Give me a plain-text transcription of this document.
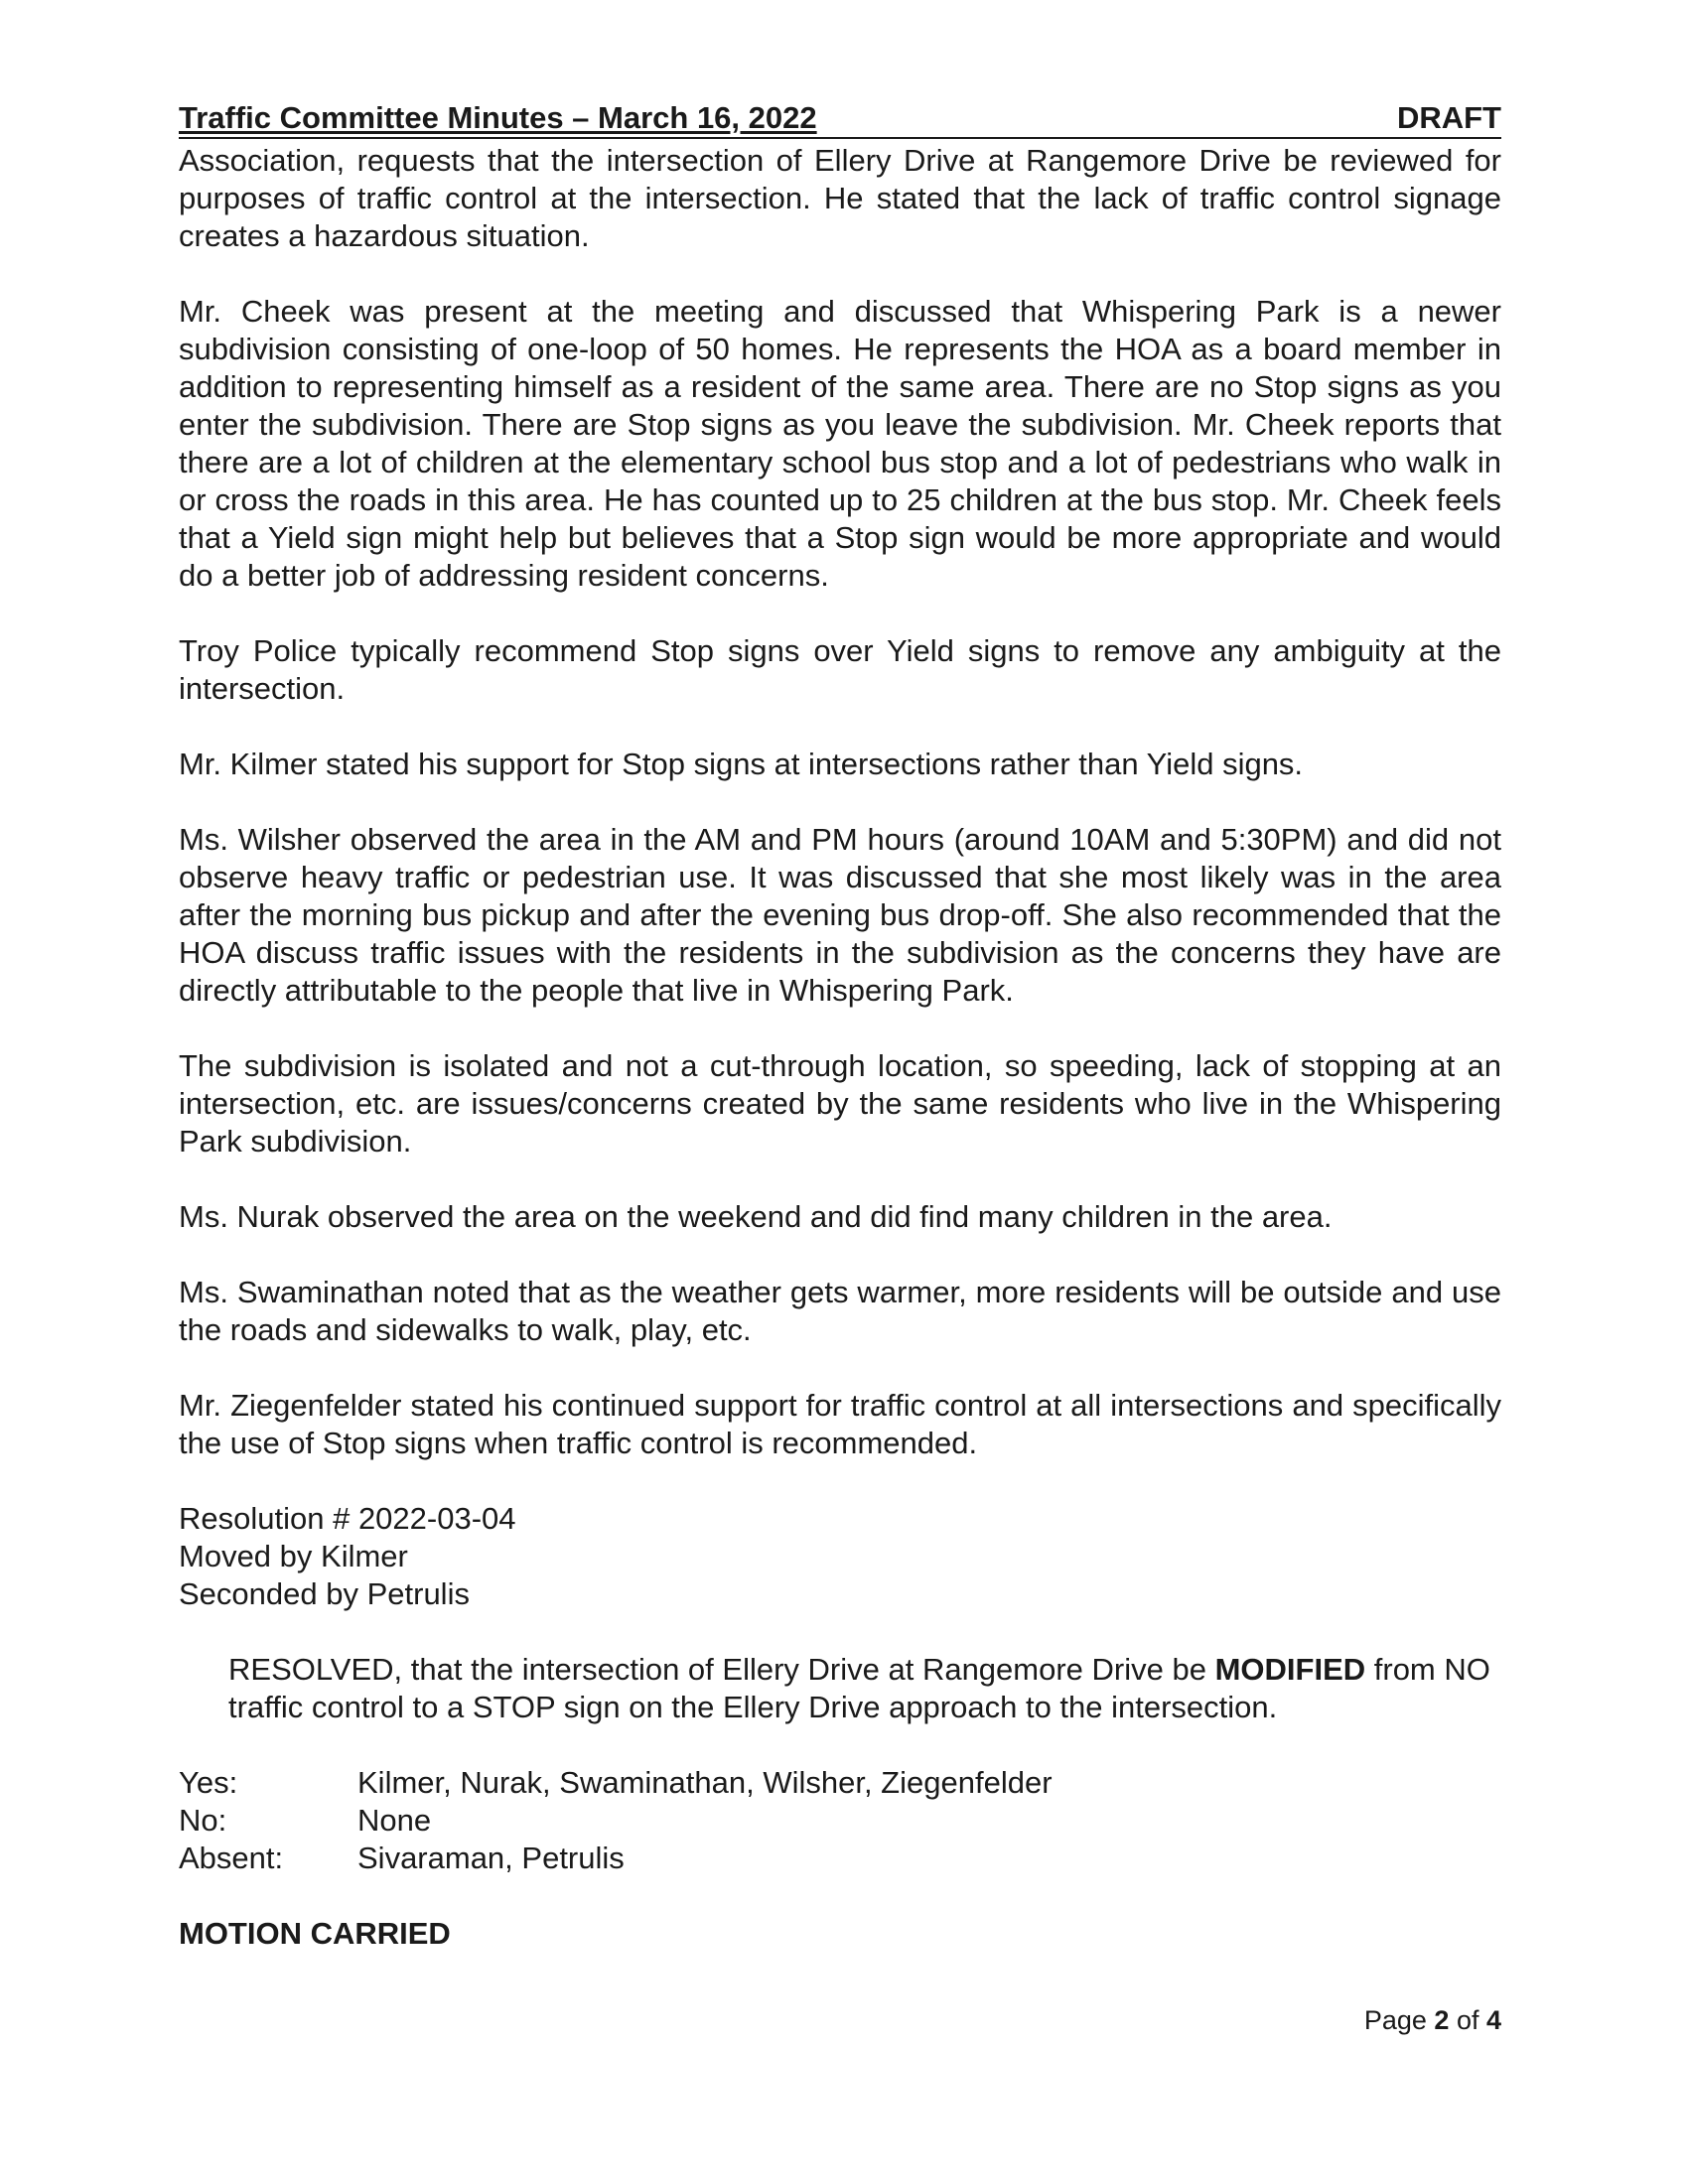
Traffic Committee Minutes – March 16, 2022	DRAFT

Association, requests that the intersection of Ellery Drive at Rangemore Drive be reviewed for purposes of traffic control at the intersection. He stated that the lack of traffic control signage creates a hazardous situation.

Mr. Cheek was present at the meeting and discussed that Whispering Park is a newer subdivision consisting of one-loop of 50 homes. He represents the HOA as a board member in addition to representing himself as a resident of the same area. There are no Stop signs as you enter the subdivision. There are Stop signs as you leave the subdivision. Mr. Cheek reports that there are a lot of children at the elementary school bus stop and a lot of pedestrians who walk in or cross the roads in this area. He has counted up to 25 children at the bus stop. Mr. Cheek feels that a Yield sign might help but believes that a Stop sign would be more appropriate and would do a better job of addressing resident concerns.

Troy Police typically recommend Stop signs over Yield signs to remove any ambiguity at the intersection.

Mr. Kilmer stated his support for Stop signs at intersections rather than Yield signs.

Ms. Wilsher observed the area in the AM and PM hours (around 10AM and 5:30PM) and did not observe heavy traffic or pedestrian use. It was discussed that she most likely was in the area after the morning bus pickup and after the evening bus drop-off. She also recommended that the HOA discuss traffic issues with the residents in the subdivision as the concerns they have are directly attributable to the people that live in Whispering Park.

The subdivision is isolated and not a cut-through location, so speeding, lack of stopping at an intersection, etc. are issues/concerns created by the same residents who live in the Whispering Park subdivision.

Ms. Nurak observed the area on the weekend and did find many children in the area.

Ms. Swaminathan noted that as the weather gets warmer, more residents will be outside and use the roads and sidewalks to walk, play, etc.

Mr. Ziegenfelder stated his continued support for traffic control at all intersections and specifically the use of Stop signs when traffic control is recommended.

Resolution # 2022-03-04
Moved by Kilmer
Seconded by Petrulis
RESOLVED, that the intersection of Ellery Drive at Rangemore Drive be MODIFIED from NO traffic control to a STOP sign on the Ellery Drive approach to the intersection.
Yes:	Kilmer, Nurak, Swaminathan, Wilsher, Ziegenfelder
No:	None
Absent:	Sivaraman, Petrulis
MOTION CARRIED
Page 2 of 4
